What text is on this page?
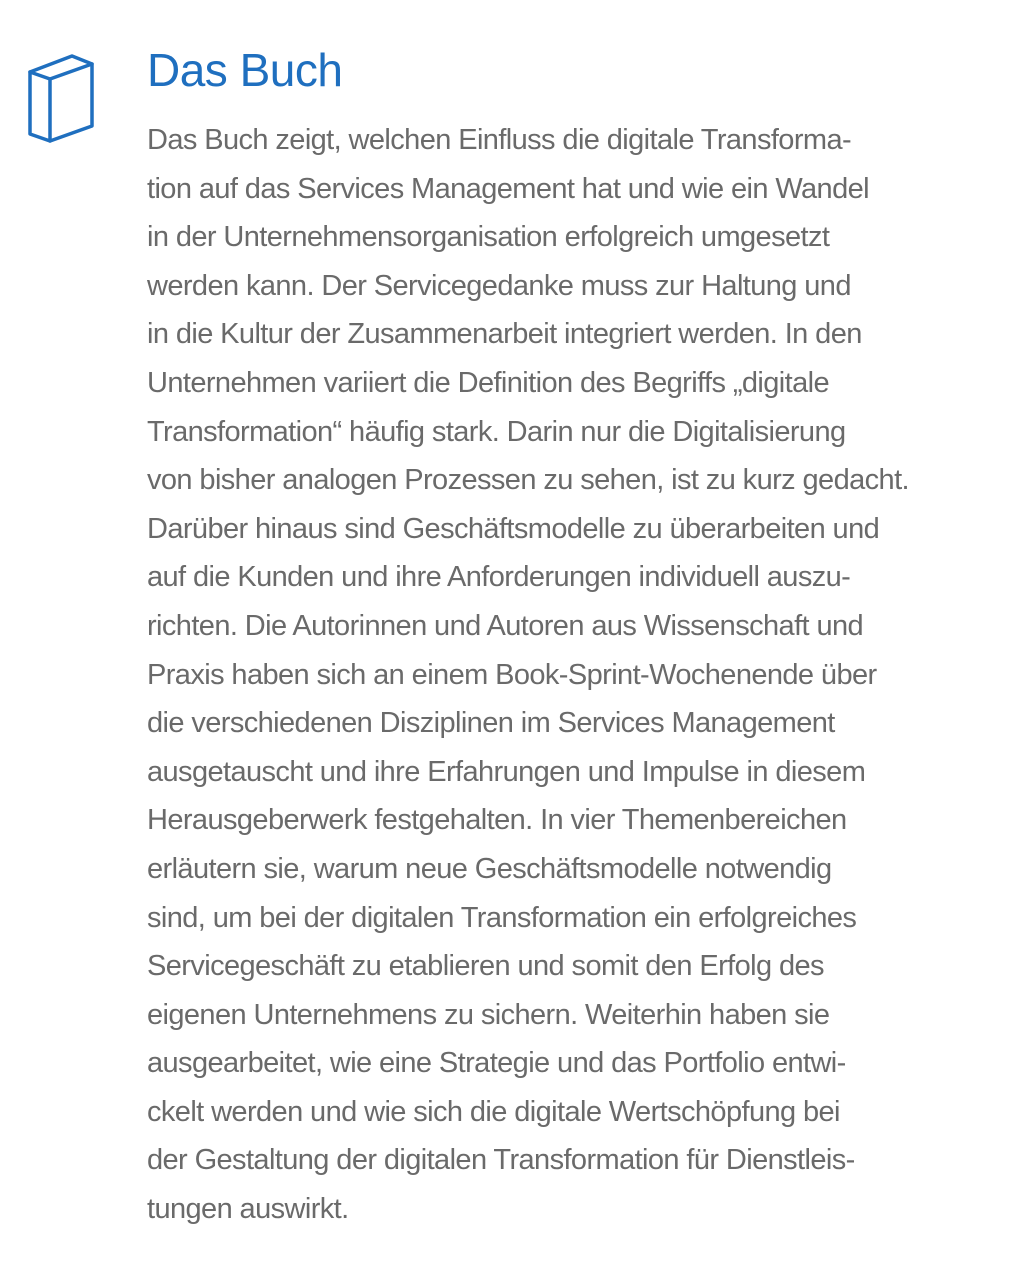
Das Buch
Das Buch zeigt, welchen Einfluss die digitale Transforma-
tion auf das Services Management hat und wie ein Wandel
in der Unternehmensorganisation erfolgreich umgesetzt
werden kann. Der Servicegedanke muss zur Haltung und
in die Kultur der Zusammenarbeit integriert werden. In den
Unternehmen variiert die Definition des Begriffs „digitale
Transformation“ häufig stark. Darin nur die Digitalisierung
von bisher analogen Prozessen zu sehen, ist zu kurz gedacht.
Darüber hinaus sind Geschäftsmodelle zu überarbeiten und
auf die Kunden und ihre Anforderungen individuell auszu-
richten. Die Autorinnen und Autoren aus Wissenschaft und
Praxis haben sich an einem Book-Sprint-Wochenende über
die verschiedenen Disziplinen im Services Management
ausgetauscht und ihre Erfahrungen und Impulse in diesem
Herausgeberwerk festgehalten. In vier Themenbereichen
erläutern sie, warum neue Geschäftsmodelle notwendig
sind, um bei der digitalen Transformation ein erfolgreiches
Servicegeschäft zu etablieren und somit den Erfolg des
eigenen Unternehmens zu sichern. Weiterhin haben sie
ausgearbeitet, wie eine Strategie und das Portfolio entwi-
ckelt werden und wie sich die digitale Wertschöpfung bei
der Gestaltung der digitalen Transformation für Dienstleis-
tungen auswirkt.
